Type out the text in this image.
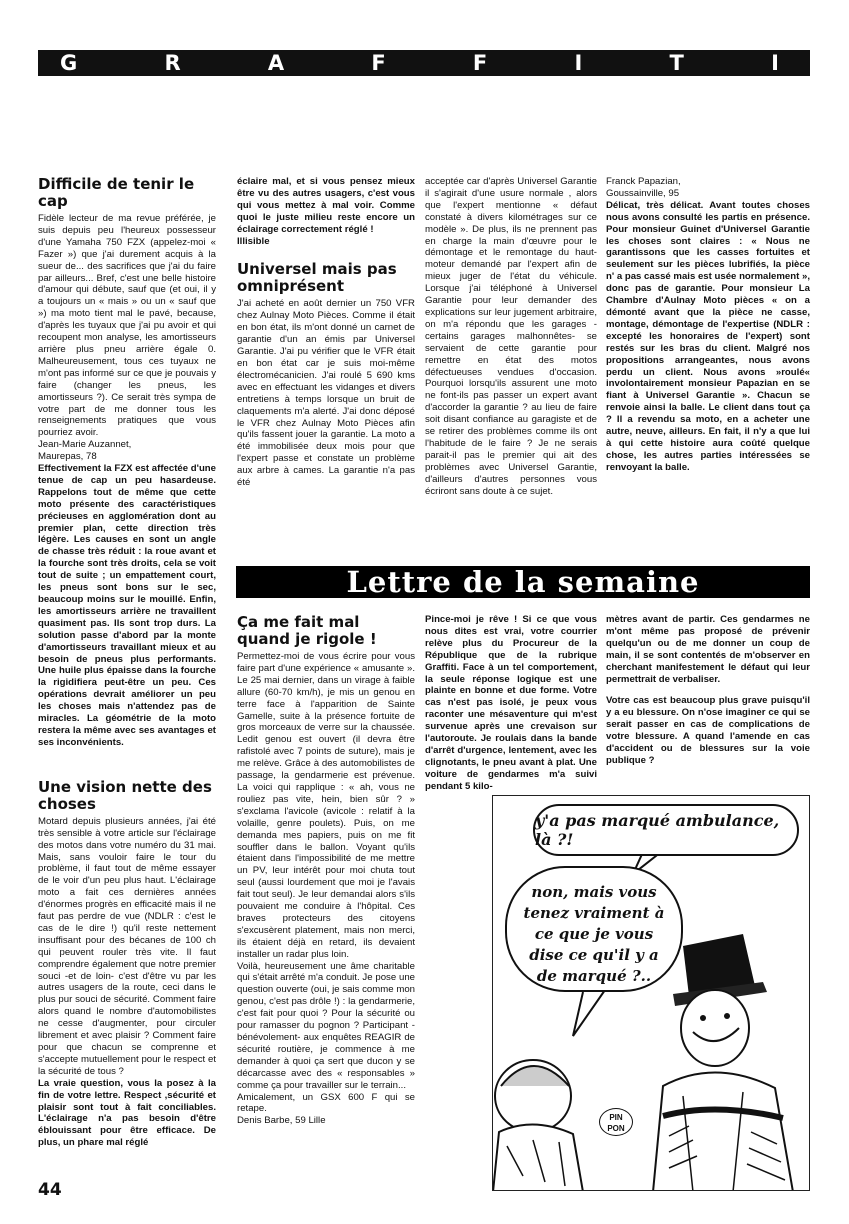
G	R	A	F	F	I	T	I
Difficile de tenir le cap

Fidèle lecteur de ma revue préférée, je suis depuis peu l'heureux possesseur d'une Yamaha 750 FZX (appelez-moi « Fazer ») que j'ai durement acquis à la sueur de... des sacrifices que j'ai du faire par ailleurs... Bref, c'est une belle histoire d'amour qui débute, sauf que (et oui, il y a toujours un « mais » ou un « sauf que ») ma moto tient mal le pavé, because, d'après les tuyaux que j'ai pu avoir et qui recoupent mon analyse, les amortisseurs arrière plus pneu arrière égale 0. Malheureusement, tous ces tuyaux ne m'ont pas informé sur ce que je pouvais y faire (changer les pneus, les amortisseurs ?). Ce serait très sympa de votre part de me donner tous les renseignements pratiques que vous pourriez avoir.

Jean-Marie Auzannet,

Maurepas, 78

Effectivement la FZX est affectée d'une tenue de cap un peu hasardeuse. Rappelons tout de même que cette moto présente des caractéristiques précieuses en agglomération dont au premier plan, cette direction très légère. Les causes en sont un angle de chasse très réduit : la roue avant et la fourche sont très droits, cela se voit tout de suite ; un empattement court, les pneus sont bons sur le sec, beaucoup moins sur le mouillé. Enfin, les amortisseurs arrière ne travaillent quasiment pas. Ils sont trop durs. La solution passe d'abord par la monte d'amortisseurs travaillant mieux et au besoin de pneus plus performants. Une huile plus épaisse dans la fourche la rigidifiera peut-être un peu. Ces opérations devrait améliorer un peu les choses mais n'attendez pas de miracles. La géométrie de la moto restera la même avec ses avantages et ses inconvénients.

Une vision nette des choses

Motard depuis plusieurs années, j'ai été très sensible à votre article sur l'éclairage des motos dans votre numéro du 31 mai. Mais, sans vouloir faire le tour du problème, il faut tout de même essayer de le voir d'un peu plus haut. L'éclairage moto a fait ces dernières années d'énormes progrès en efficacité mais il ne faut pas perdre de vue (NDLR : c'est le cas de le dire !) qu'il reste nettement insuffisant pour des bécanes de 100 ch qui peuvent rouler très vite. Il faut comprendre également que notre premier souci -et de loin- c'est d'être vu par les autres usagers de la route, ceci dans le plus pur souci de sécurité. Comment faire alors quand le nombre d'automobilistes ne cesse d'augmenter, pour circuler librement et avec plaisir ? Comment faire pour que chacun se comprenne et s'accepte mutuellement pour le respect et la sécurité de tous ?

La vraie question, vous la posez à la fin de votre lettre. Respect ,sécurité et plaisir sont tout à fait conciliables. L'éclairage n'a pas besoin d'être éblouissant pour être efficace. De plus, un phare mal réglé

éclaire mal, et si vous pensez mieux être vu des autres usagers, c'est vous qui vous mettez à mal voir. Comme quoi le juste milieu reste encore un éclairage correctement réglé !

Illisible

Universel mais pas omniprésent

J'ai acheté en août dernier un 750 VFR chez Aulnay Moto Pièces. Comme il était en bon état, ils m'ont donné un carnet de garantie d'un an émis par Universel Garantie. J'ai pu vérifier que le VFR était en bon état car je suis moi-même électromécanicien. J'ai roulé 5 690 kms avec en effectuant les vidanges et divers entretiens à temps lorsque un bruit de claquements m'a alerté. J'ai donc déposé le VFR chez Aulnay Moto Pièces afin qu'ils fassent jouer la garantie. La moto a été immobilisée deux mois pour que l'expert passe et constate un problème aux arbre à cames. La garantie n'a pas été

acceptée car d'après Universel Garantie il s'agirait d'une usure normale , alors que l'expert mentionne « défaut constaté à divers kilométrages sur ce modèle ». De plus, ils ne prennent pas en charge la main d'œuvre pour le démontage et le remontage du haut-moteur demandé par l'expert afin de mieux juger de l'état du véhicule. Lorsque j'ai téléphoné à Universel Garantie pour leur demander des explications sur leur jugement arbitraire, on m'a répondu que les garages -certains garages malhonnêtes- se servaient de cette garantie pour remettre en état des motos défectueuses vendues d'occasion. Pourquoi lorsqu'ils assurent une moto ne font-ils pas passer un expert avant d'accorder la garantie ? au lieu de faire soit disant confiance au garagiste et de se retirer des problèmes comme ils ont l'habitude de le faire ? Je ne serais parait-il pas le premier qui ait des problèmes avec Universel Garantie, d'ailleurs d'autres personnes vous écriront sans doute à ce sujet.

Franck Papazian,

Goussainville, 95

Délicat, très délicat. Avant toutes choses nous avons consulté les partis en présence. Pour monsieur Guinet d'Universel Garantie les choses sont claires : « Nous ne garantissons que les casses fortuites et seulement sur les pièces lubrifiés, la pièce n' a pas cassé mais est usée normalement », donc pas de garantie. Pour monsieur La Chambre d'Aulnay Moto pièces « on a démonté avant que la pièce ne casse, montage, démontage de l'expertise (NDLR : excepté les honoraires de l'expert) sont restés sur les bras du client. Malgré nos propositions arrangeantes, nous avons perdu un client. Nous avons »roulé« involontairement monsieur Papazian en se fiant à Universel Garantie ». Chacun se renvoie ainsi la balle. Le client dans tout ça ? Il a revendu sa moto, en a acheter une autre, neuve, ailleurs. En fait, il n'y a que lui à qui cette histoire aura coûté quelque chose, les autres parties intéressées se renvoyant la balle.

Lettre de la semaine
Ça me fait mal quand je rigole !

Permettez-moi de vous écrire pour vous faire part d'une expérience « amusante ». Le 25 mai dernier, dans un virage à faible allure (60-70 km/h), je mis un genou en terre face à l'apparition de Sainte Gamelle, suite à la présence fortuite de gros morceaux de verre sur la chaussée. Ledit genou est ouvert (il devra être rafistolé avec 7 points de suture), mais je me relève. Grâce à des automobilistes de passage, la gendarmerie est prévenue. La voici qui rapplique : « ah, vous ne rouliez pas vite, hein, bien sûr ? » s'exclama l'avicole (avicole : relatif à la volaille, genre poulets). Puis, on me demanda mes papiers, puis on me fit souffler dans le ballon. Voyant qu'ils étaient dans l'impossibilité de me mettre un PV, leur intérêt pour moi chuta tout seul (aussi lourdement que moi je l'avais fait tout seul). Je leur demandai alors s'ils pouvaient me conduire à l'hôpital. Ces braves protecteurs des citoyens s'excusèrent platement, mais non merci, ils étaient déjà en retard, ils devaient installer un radar plus loin.

Voilà, heureusement une âme charitable qui s'était arrêté m'a conduit. Je pose une question ouverte (oui, je sais comme mon genou, c'est pas drôle !) : la gendarmerie, c'est fait pour quoi ? Pour la sécurité ou pour ramasser du pognon ? Participant -bénévolement- aux enquêtes REAGIR de sécurité routière, je commence à me demander à quoi ça sert que ducon y se décarcasse avec des « responsables » comme ça pour travailler sur le terrain...

Amicalement, un GSX 600 F qui se retape.

Denis Barbe, 59 Lille

Pince-moi je rêve ! Si ce que vous nous dites est vrai, votre courrier relève plus du Procureur de la République que de la rubrique Graffiti. Face à un tel comportement, la seule réponse logique est une plainte en bonne et due forme. Votre cas n'est pas isolé, je peux vous raconter une mésaventure qui m'est survenue après une crevaison sur l'autoroute. Je roulais dans la bande d'arrêt d'urgence, lentement, avec les clignotants, le pneu avant à plat. Une voiture de gendarmes m'a suivi pendant 5 kilo-

mètres avant de partir. Ces gendarmes ne m'ont même pas proposé de prévenir quelqu'un ou de me donner un coup de main, il se sont contentés de m'observer en cherchant manifestement le défaut qui leur permettrait de verbaliser.

Votre cas est beaucoup plus grave puisqu'il y a eu blessure. On n'ose imaginer ce qui se serait passer en cas de complications de votre blessure. A quand l'amende en cas d'accident ou de blessures sur la voie publique ?

y'a pas marqué ambulance, là ?!
non, mais vous tenez vraiment à ce que je vous dise ce qu'il y a de marqué ?..
PIN PON
44
